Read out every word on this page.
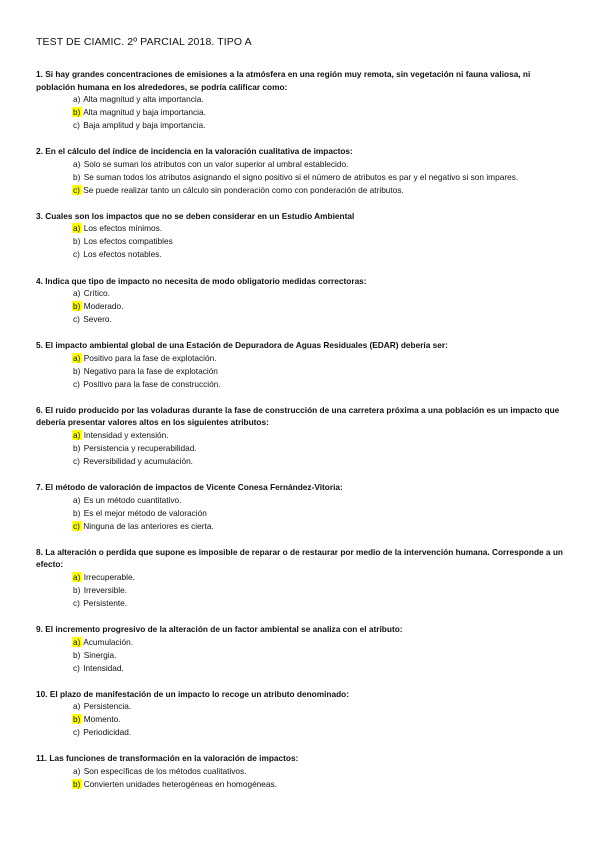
TEST DE CIAMIC. 2º PARCIAL 2018. TIPO A
1. Si hay grandes concentraciones de emisiones a la atmósfera en una región muy remota, sin vegetación ni fauna valiosa, ni población humana en los alrededores, se podría calificar como:
a) Alta magnitud y alta importancia.
b) Alta magnitud y baja importancia.
c) Baja amplitud y baja importancia.
2. En el cálculo del índice de incidencia en la valoración cualitativa de impactos:
a) Solo se suman los atributos con un valor superior al umbral establecido.
b) Se suman todos los atributos asignando el signo positivo si el número de atributos es par y el negativo si son impares.
c) Se puede realizar tanto un cálculo sin ponderación como con ponderación de atributos.
3. Cuales son los impactos que no se deben considerar en un Estudio Ambiental
a) Los efectos mínimos.
b) Los efectos compatibles
c) Los efectos notables.
4. Indica que tipo de impacto no necesita de modo obligatorio medidas correctoras:
a) Crítico.
b) Moderado.
c) Severo.
5. El impacto ambiental global de una Estación de Depuradora de Aguas Residuales (EDAR) debería ser:
a) Positivo para la fase de explotación.
b) Negativo para la fase de explotación
c) Positivo para la fase de construcción.
6. El ruido producido por las voladuras durante la fase de construcción de una carretera próxima a una población es un impacto que debería presentar valores altos en los siguientes atributos:
a) Intensidad y extensión.
b) Persistencia y recuperabilidad.
c) Reversibilidad y acumulación.
7. El método de valoración de impactos de Vicente Conesa Fernández-Vitoria:
a) Es un método cuantitativo.
b) Es el mejor método de valoración
c) Ninguna de las anteriores es cierta.
8. La alteración o perdida que supone es imposible de reparar o de restaurar por medio de la intervención humana. Corresponde a un efecto:
a) Irrecuperable.
b) Irreversible.
c) Persistente.
9. El incremento progresivo de la alteración de un factor ambiental se analiza con el atributo:
a) Acumulación.
b) Sinergia.
c) Intensidad.
10. El plazo de manifestación de un impacto lo recoge un atributo denominado:
a) Persistencia.
b) Momento.
c) Periodicidad.
11. Las funciones de transformación en la valoración de impactos:
a) Son específicas de los métodos cualitativos.
b) Convierten unidades heterogéneas en homogéneas.
